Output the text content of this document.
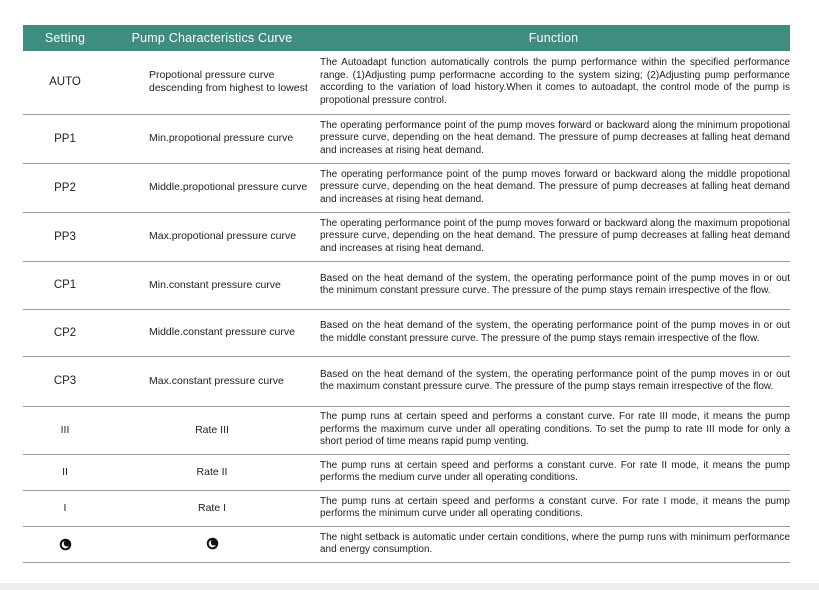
Setting	Pump Characteristics Curve	Function
AUTO	Propotional pressure curve descending from highest to lowest	The Autoadapt function automatically controls the pump performance within the specified performance range. (1)Adjusting pump performacne according to the system sizing; (2)Adjusting pump performance according to the variation of load history.When it comes to autoadapt, the control mode of the pump is propotional pressure control.
PP1	Min.propotional pressure curve	The operating performance point of the pump moves forward or backward along the minimum propotional pressure curve, depending on the heat demand. The pressure of pump decreases at falling heat demand and increases at rising heat demand.
PP2	Middle.propotional pressure curve	The operating performance point of the pump moves forward or backward along the middle propotional pressure curve, depending on the heat demand. The pressure of pump decreases at falling heat demand and increases at rising heat demand.
PP3	Max.propotional pressure curve	The operating performance point of the pump moves forward or backward along the maximum propotional pressure curve, depending on the heat demand. The pressure of pump decreases at falling heat demand and increases at rising heat demand.
CP1	Min.constant pressure curve	Based on the heat demand of the system, the operating performance point of the pump moves in or out the minimum constant pressure curve. The pressure of the pump stays remain irrespective of the flow.
CP2	Middle.constant pressure curve	Based on the heat demand of the system, the operating performance point of the pump moves in or out the middle constant pressure curve. The pressure of the pump stays remain irrespective of the flow.
CP3	Max.constant pressure curve	Based on the heat demand of the system, the operating performance point of the pump moves in or out the maximum constant pressure curve. The pressure of the pump stays remain irrespective of the flow.
III	Rate III	The pump runs at certain speed and performs a constant curve. For rate III mode, it means the pump performs the maximum curve under all operating conditions. To set the pump to rate III mode for only a short period of time means rapid pump venting.
II	Rate II	The pump runs at certain speed and performs a constant curve. For rate II mode, it means the pump performs the medium curve under all operating conditions.
I	Rate I	The pump runs at certain speed and performs a constant curve. For rate I mode, it means the pump performs the minimum curve under all operating conditions.
		The night setback is automatic under certain conditions, where the pump runs with minimum performance and energy consumption.
